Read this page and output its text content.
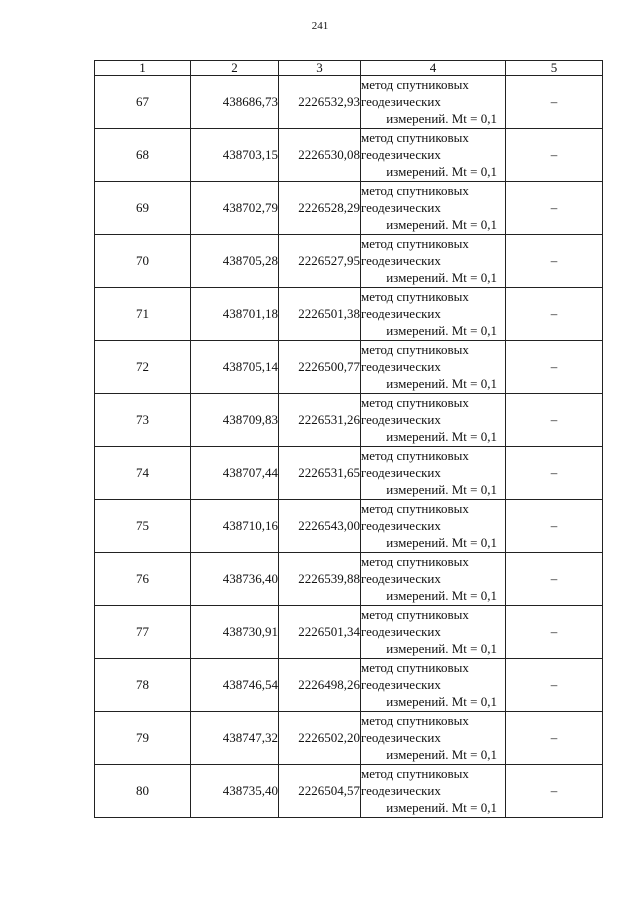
241
1	2	3	4	5
67	438686,73	2226532,93	метод спутниковых
геодезических
измерений. Mt = 0,1	–
68	438703,15	2226530,08	метод спутниковых
геодезических
измерений. Mt = 0,1	–
69	438702,79	2226528,29	метод спутниковых
геодезических
измерений. Mt = 0,1	–
70	438705,28	2226527,95	метод спутниковых
геодезических
измерений. Mt = 0,1	–
71	438701,18	2226501,38	метод спутниковых
геодезических
измерений. Mt = 0,1	–
72	438705,14	2226500,77	метод спутниковых
геодезических
измерений. Mt = 0,1	–
73	438709,83	2226531,26	метод спутниковых
геодезических
измерений. Mt = 0,1	–
74	438707,44	2226531,65	метод спутниковых
геодезических
измерений. Mt = 0,1	–
75	438710,16	2226543,00	метод спутниковых
геодезических
измерений. Mt = 0,1	–
76	438736,40	2226539,88	метод спутниковых
геодезических
измерений. Mt = 0,1	–
77	438730,91	2226501,34	метод спутниковых
геодезических
измерений. Mt = 0,1	–
78	438746,54	2226498,26	метод спутниковых
геодезических
измерений. Mt = 0,1	–
79	438747,32	2226502,20	метод спутниковых
геодезических
измерений. Mt = 0,1	–
80	438735,40	2226504,57	метод спутниковых
геодезических
измерений. Mt = 0,1	–
